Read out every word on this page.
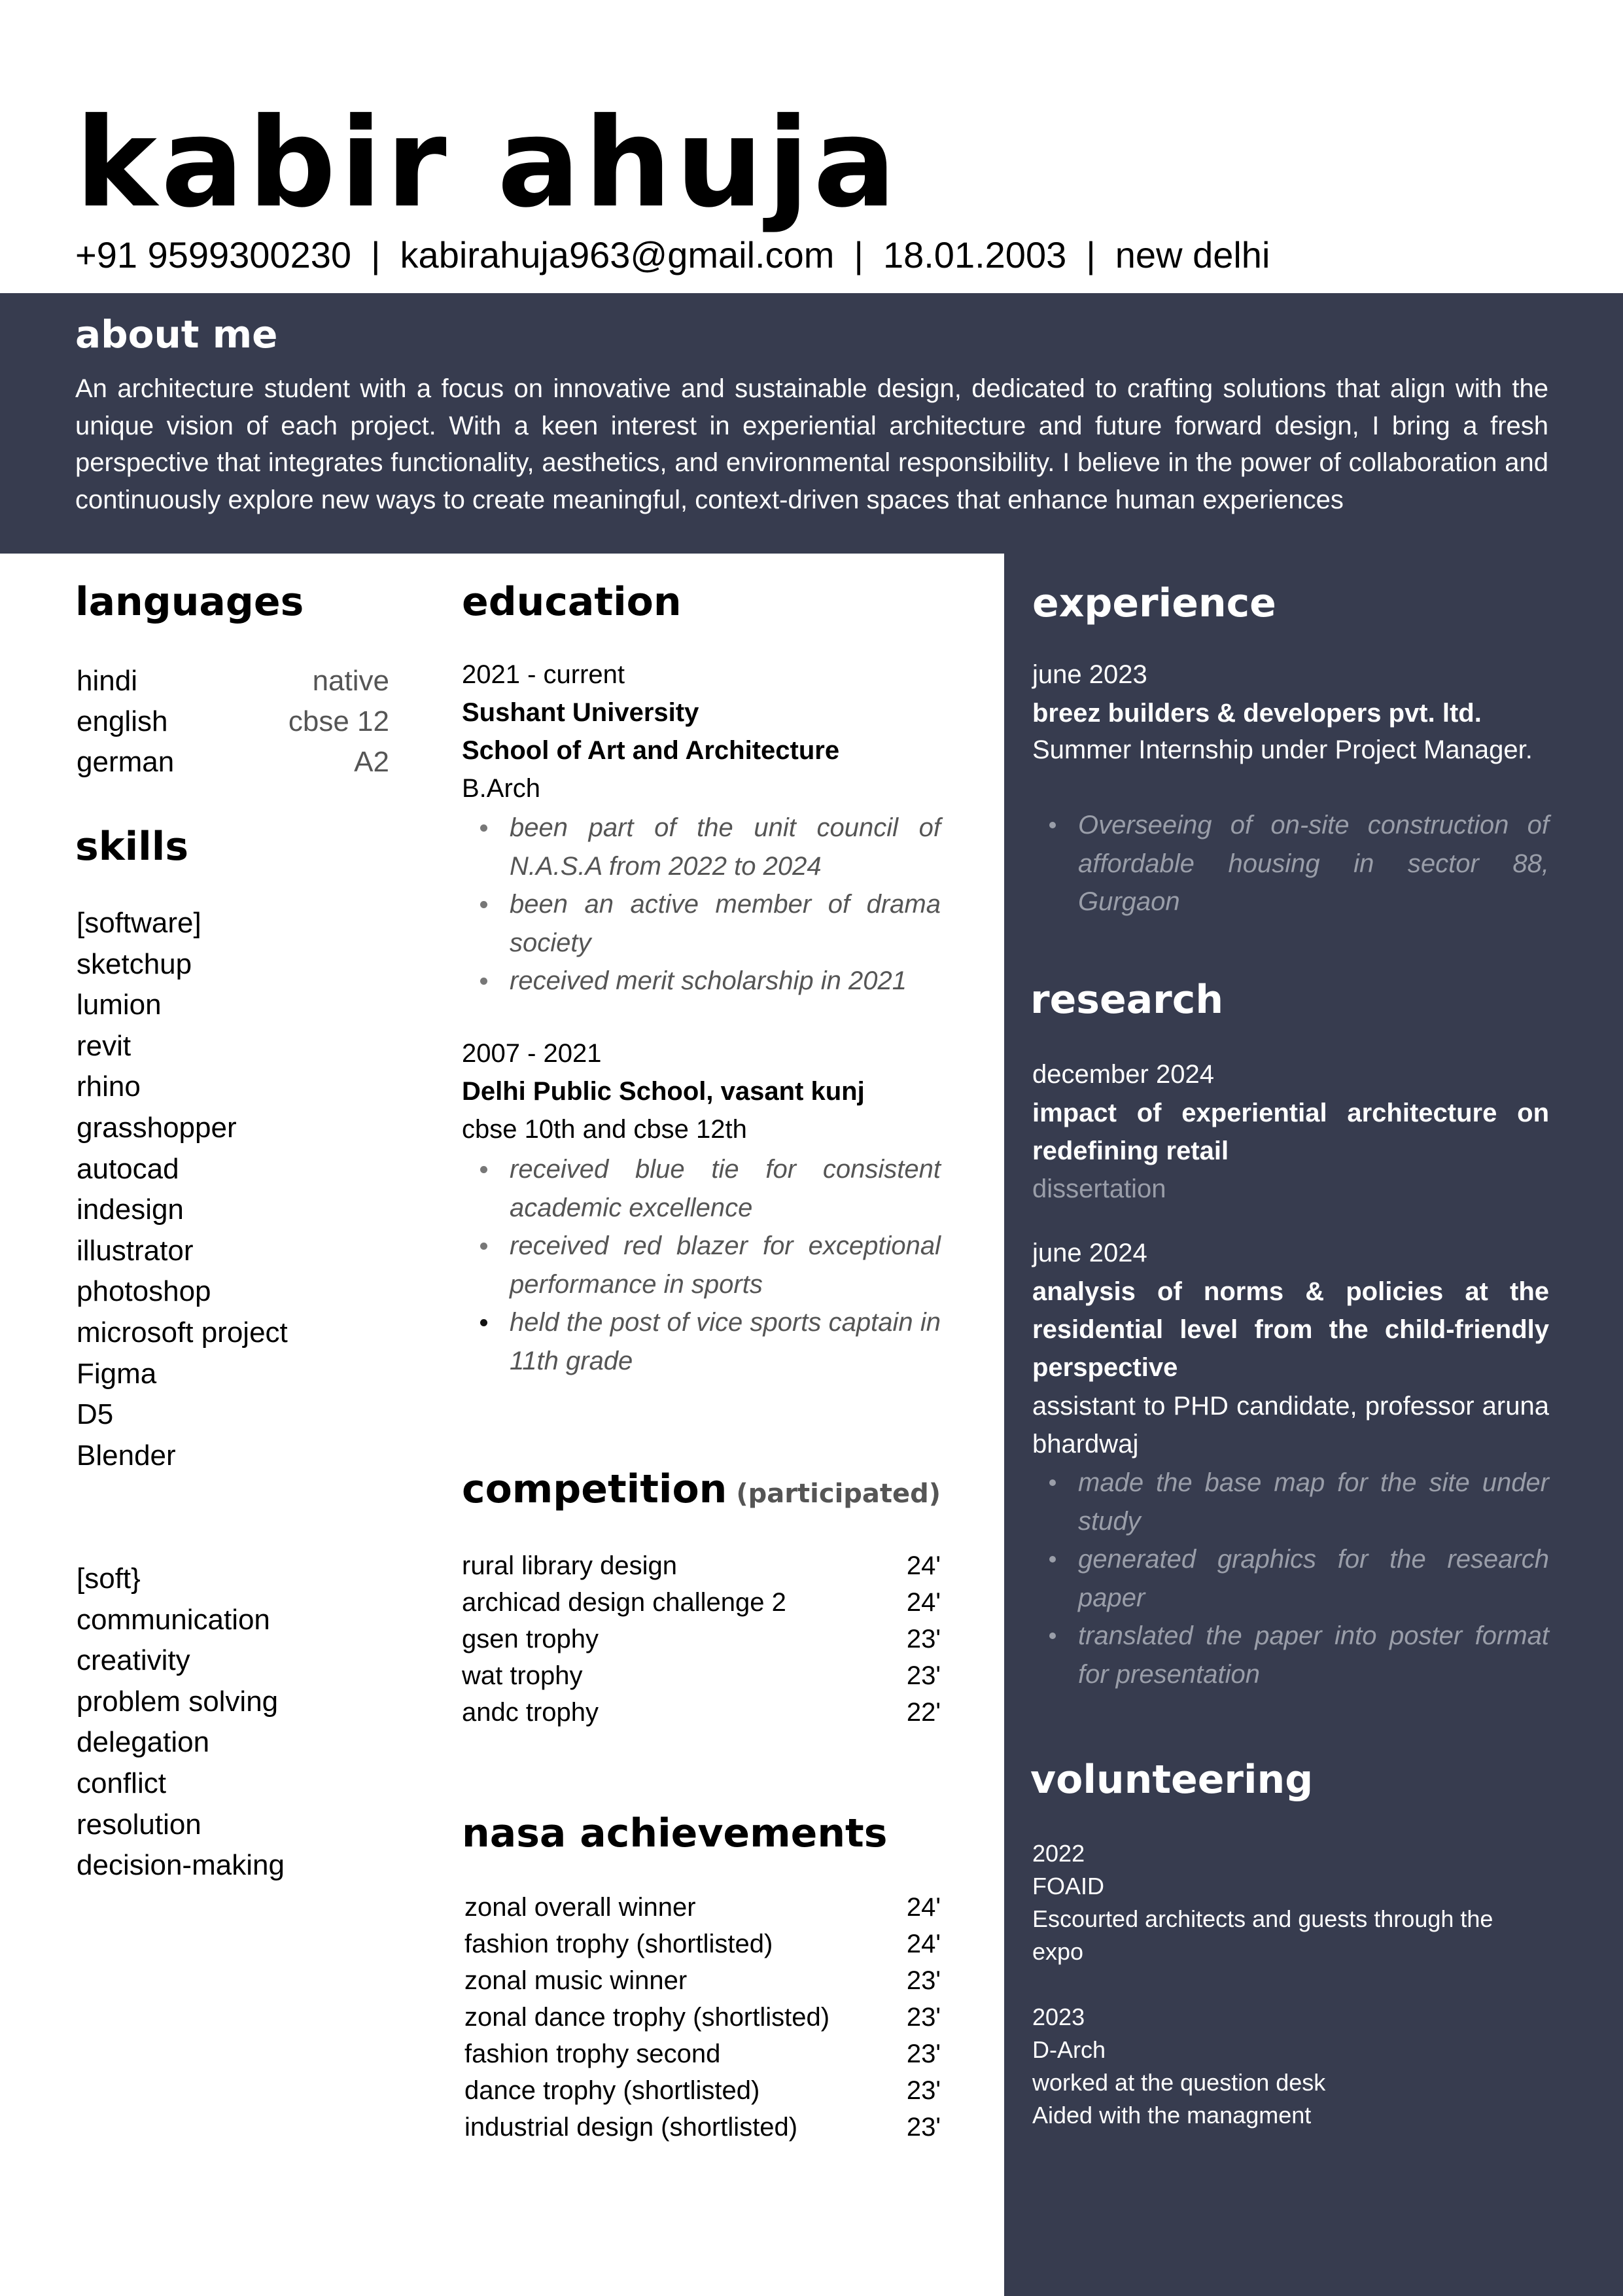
kabir ahuja
+91 9599300230 | kabirahuja963@gmail.com | 18.01.2003 | new delhi
about me
An architecture student with a focus on innovative and sustainable design, dedicated to crafting solutions that align with the unique vision of each project. With a keen interest in experiential architecture and future forward design, I bring a fresh perspective that integrates functionality, aesthetics, and environmental responsibility. I believe in the power of collaboration and continuously explore new ways to create meaningful, context-driven spaces that enhance human experiences
languages
hindi	native
english	cbse 12
german	A2
skills
[software]
sketchup
lumion
revit
rhino
grasshopper
autocad
indesign
illustrator
photoshop
microsoft project
Figma
D5
Blender
[soft}
communication
creativity
problem solving
delegation
conflict
resolution
decision-making
education
2021 - current
Sushant University
School of Art and Architecture
B.Arch
been part of the unit council of N.A.S.A from 2022 to 2024
been an active member of drama society
received merit scholarship in 2021
2007 - 2021
Delhi Public School, vasant kunj
cbse 10th and cbse 12th
received blue tie for consistent academic excellence
received red blazer for exceptional performance in sports
held the post of vice sports captain in 11th grade
competition (participated)
rural library design	24'
archicad design challenge 2	24'
gsen trophy	23'
wat trophy	23'
andc trophy	22'
nasa achievements
zonal overall winner	24'
fashion trophy (shortlisted)	24'
zonal music winner	23'
zonal dance trophy (shortlisted)	23'
fashion trophy second	23'
dance trophy (shortlisted)	23'
industrial design (shortlisted)	23'
experience
june 2023
breez builders & developers pvt. ltd.
Summer Internship under Project Manager.
Overseeing of on-site construction of affordable housing in sector 88, Gurgaon
research
december 2024
impact of experiential architecture on redefining retail
dissertation
june 2024
analysis of norms & policies at the residential level from the child-friendly perspective
assistant to PHD candidate, professor aruna bhardwaj
made the base map for the site under study
generated graphics for the research paper
translated the paper into poster format for presentation
volunteering
2022
FOAID
Escourted architects and guests through the expo
2023
D-Arch
worked at the question desk
Aided with the managment
